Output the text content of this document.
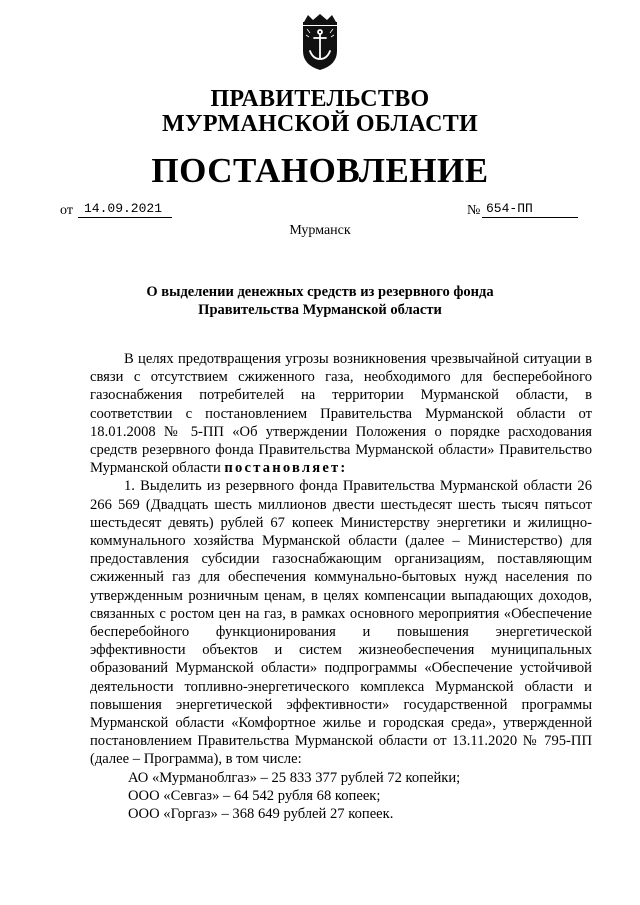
ПРАВИТЕЛЬСТВО
МУРМАНСКОЙ ОБЛАСТИ
ПОСТАНОВЛЕНИЕ
от 14.09.2021	№ 654-ПП
Мурманск
О выделении денежных средств из резервного фонда
Правительства Мурманской области

В целях предотвращения угрозы возникновения чрезвычайной ситуации в связи с отсутствием сжиженного газа, необходимого для бесперебойного газоснабжения потребителей на территории Мурманской области, в соответствии с постановлением Правительства Мурманской области от 18.01.2008 № 5-ПП «Об утверждении Положения о порядке расходования средств резервного фонда Правительства Мурманской области» Правительство Мурманской области постановляет:

1. Выделить из резервного фонда Правительства Мурманской области 26 266 569 (Двадцать шесть миллионов двести шестьдесят шесть тысяч пятьсот шестьдесят девять) рублей 67 копеек Министерству энергетики и жилищно-коммунального хозяйства Мурманской области (далее – Министерство) для предоставления субсидии газоснабжающим организациям, поставляющим сжиженный газ для обеспечения коммунально-бытовых нужд населения по утвержденным розничным ценам, в целях компенсации выпадающих доходов, связанных с ростом цен на газ, в рамках основного мероприятия «Обеспечение бесперебойного функционирования и повышения энергетической эффективности объектов и систем жизнеобеспечения муниципальных образований Мурманской области» подпрограммы «Обеспечение устойчивой деятельности топливно-энергетического комплекса Мурманской области и повышения энергетической эффективности» государственной программы Мурманской области «Комфортное жилье и городская среда», утвержденной постановлением Правительства Мурманской области от 13.11.2020 № 795-ПП (далее – Программа), в том числе:

АО «Мурманоблгаз» – 25 833 377 рублей 72 копейки;

ООО «Севгаз» – 64 542 рубля 68 копеек;

ООО «Горгаз» – 368 649 рублей 27 копеек.
